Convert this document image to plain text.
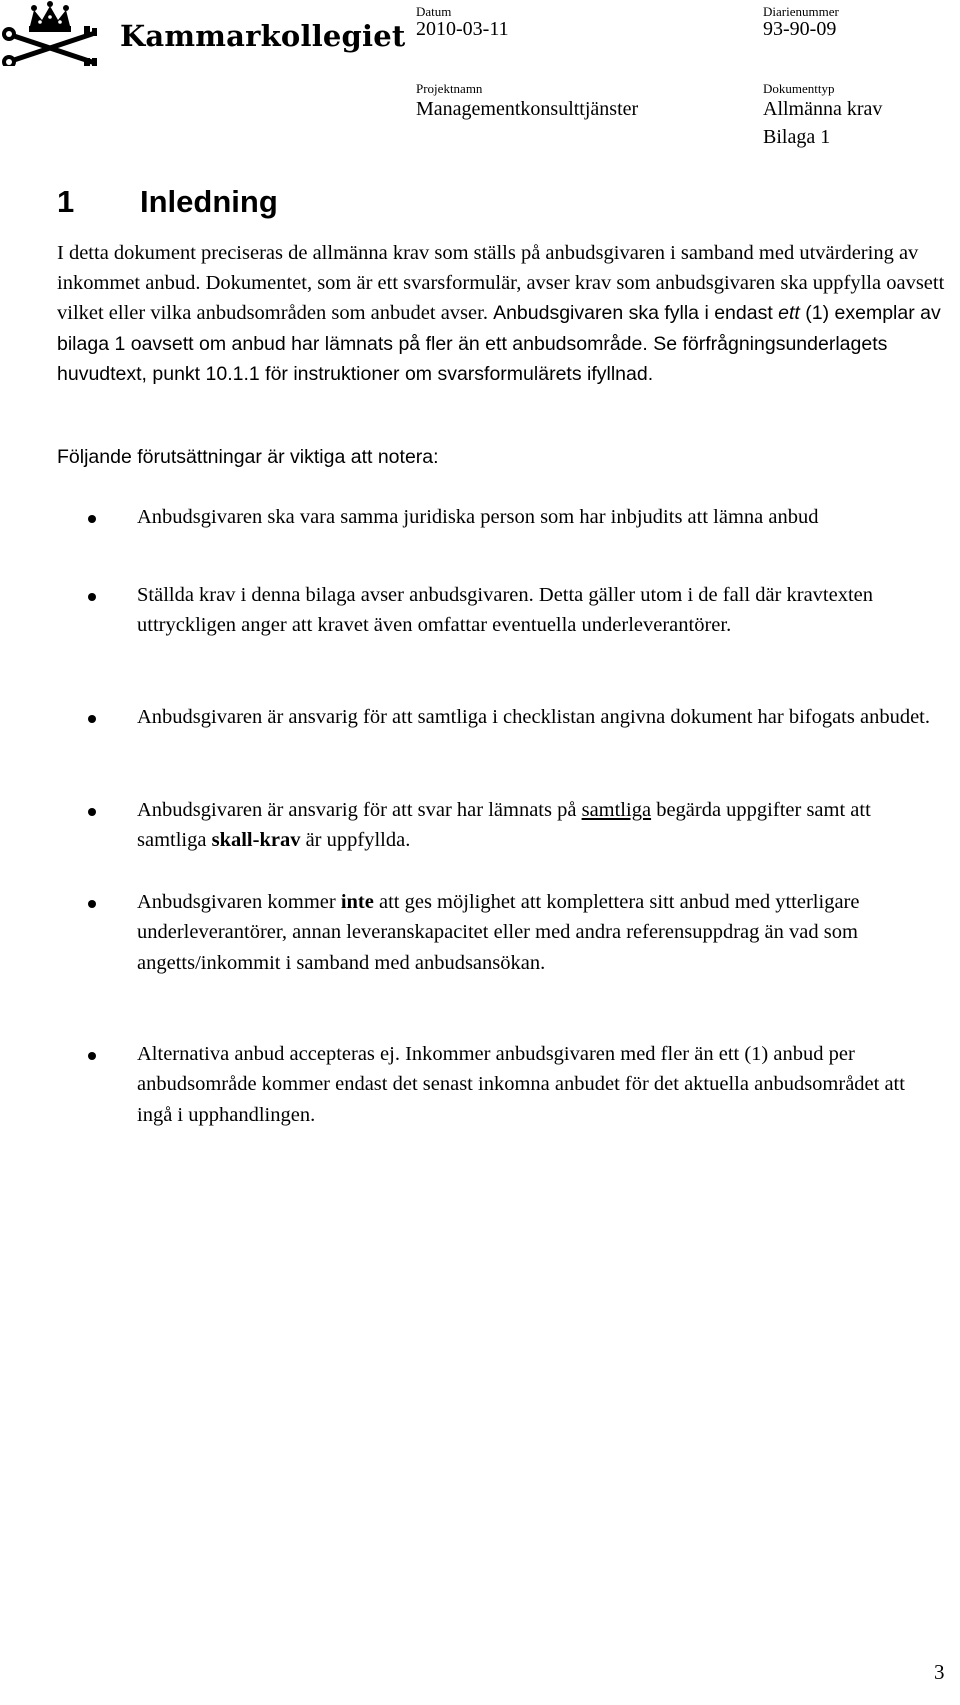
Kammarkollegiet
Datum
2010-03-11
Diarienummer
93-90-09
Projektnamn
Managementkonsulttjänster
Dokumenttyp
Allmänna krav
Bilaga 1
1 Inledning

I detta dokument preciseras de allmänna krav som ställs på anbudsgivaren i samband med utvärdering av inkommet anbud. Dokumentet, som är ett svarsformulär, avser krav som anbudsgivaren ska uppfylla oavsett vilket eller vilka anbudsområden som anbudet avser. Anbudsgivaren ska fylla i endast ett (1) exemplar av bilaga 1 oavsett om anbud har lämnats på fler än ett anbudsområde. Se förfrågningsunderlagets huvudtext, punkt 10.1.1 för instruktioner om svarsformulärets ifyllnad.

Följande förutsättningar är viktiga att notera:

Anbudsgivaren ska vara samma juridiska person som har inbjudits att lämna anbud

Ställda krav i denna bilaga avser anbudsgivaren. Detta gäller utom i de fall där kravtexten uttryckligen anger att kravet även omfattar eventuella underleverantörer.

Anbudsgivaren är ansvarig för att samtliga i checklistan angivna dokument har bifogats anbudet.

Anbudsgivaren är ansvarig för att svar har lämnats på samtliga begärda uppgifter samt att samtliga skall-krav är uppfyllda.

Anbudsgivaren kommer inte att ges möjlighet att komplettera sitt anbud med ytterligare underleverantörer, annan leveranskapacitet eller med andra referensuppdrag än vad som angetts/inkommit i samband med anbudsansökan.

Alternativa anbud accepteras ej. Inkommer anbudsgivaren med fler än ett (1) anbud per anbudsområde kommer endast det senast inkomna anbudet för det aktuella anbudsområdet att ingå i upphandlingen.

3
